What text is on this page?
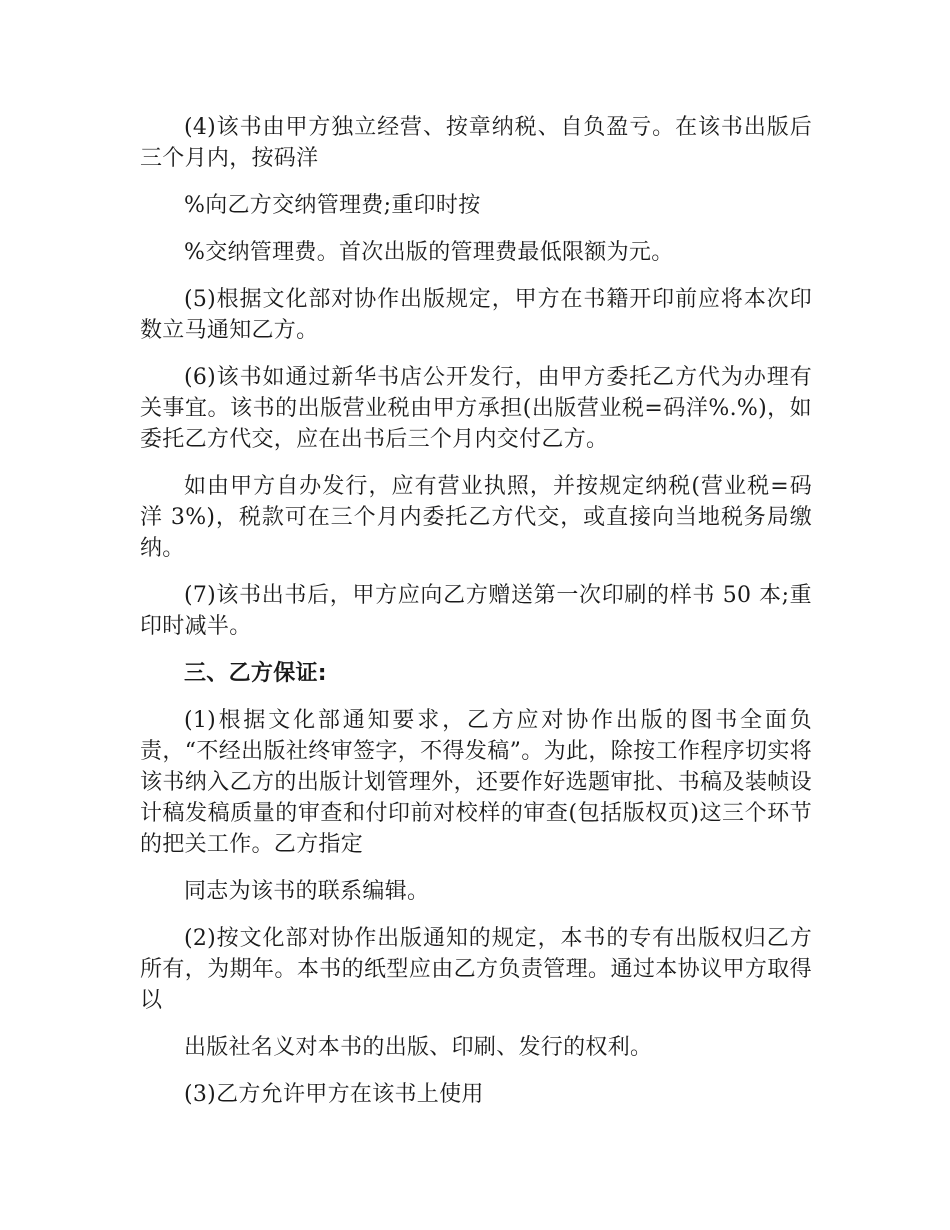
(4)该书由甲方独立经营、按章纳税、自负盈亏。在该书出版后三个月内，按码洋

%向乙方交纳管理费;重印时按

%交纳管理费。首次出版的管理费最低限额为元。

(5)根据文化部对协作出版规定，甲方在书籍开印前应将本次印数立马通知乙方。

(6)该书如通过新华书店公开发行，由甲方委托乙方代为办理有关事宜。该书的出版营业税由甲方承担(出版营业税=码洋%.%)，如委托乙方代交，应在出书后三个月内交付乙方。

如由甲方自办发行，应有营业执照，并按规定纳税(营业税=码洋 3%)，税款可在三个月内委托乙方代交，或直接向当地税务局缴纳。

(7)该书出书后，甲方应向乙方赠送第一次印刷的样书 50 本;重印时减半。

三、乙方保证:

(1)根据文化部通知要求，乙方应对协作出版的图书全面负责，“不经出版社终审签字，不得发稿”。为此，除按工作程序切实将该书纳入乙方的出版计划管理外，还要作好选题审批、书稿及装帧设计稿发稿质量的审查和付印前对校样的审查(包括版权页)这三个环节的把关工作。乙方指定

同志为该书的联系编辑。

(2)按文化部对协作出版通知的规定，本书的专有出版权归乙方所有，为期年。本书的纸型应由乙方负责管理。通过本协议甲方取得以

出版社名义对本书的出版、印刷、发行的权利。

(3)乙方允许甲方在该书上使用
